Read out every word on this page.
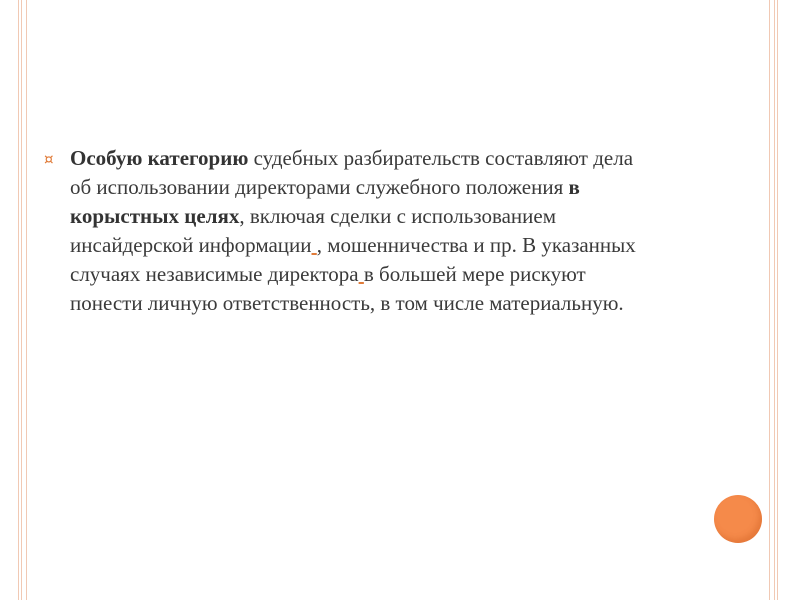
¤ Особую категорию судебных разбирательств составляют дела об использовании директорами служебного положения в корыстных целях, включая сделки с использованием инсайдерской информации , мошенничества и пр. В указанных случаях независимые директора в большей мере рискуют понести личную ответственность, в том числе материальную.
